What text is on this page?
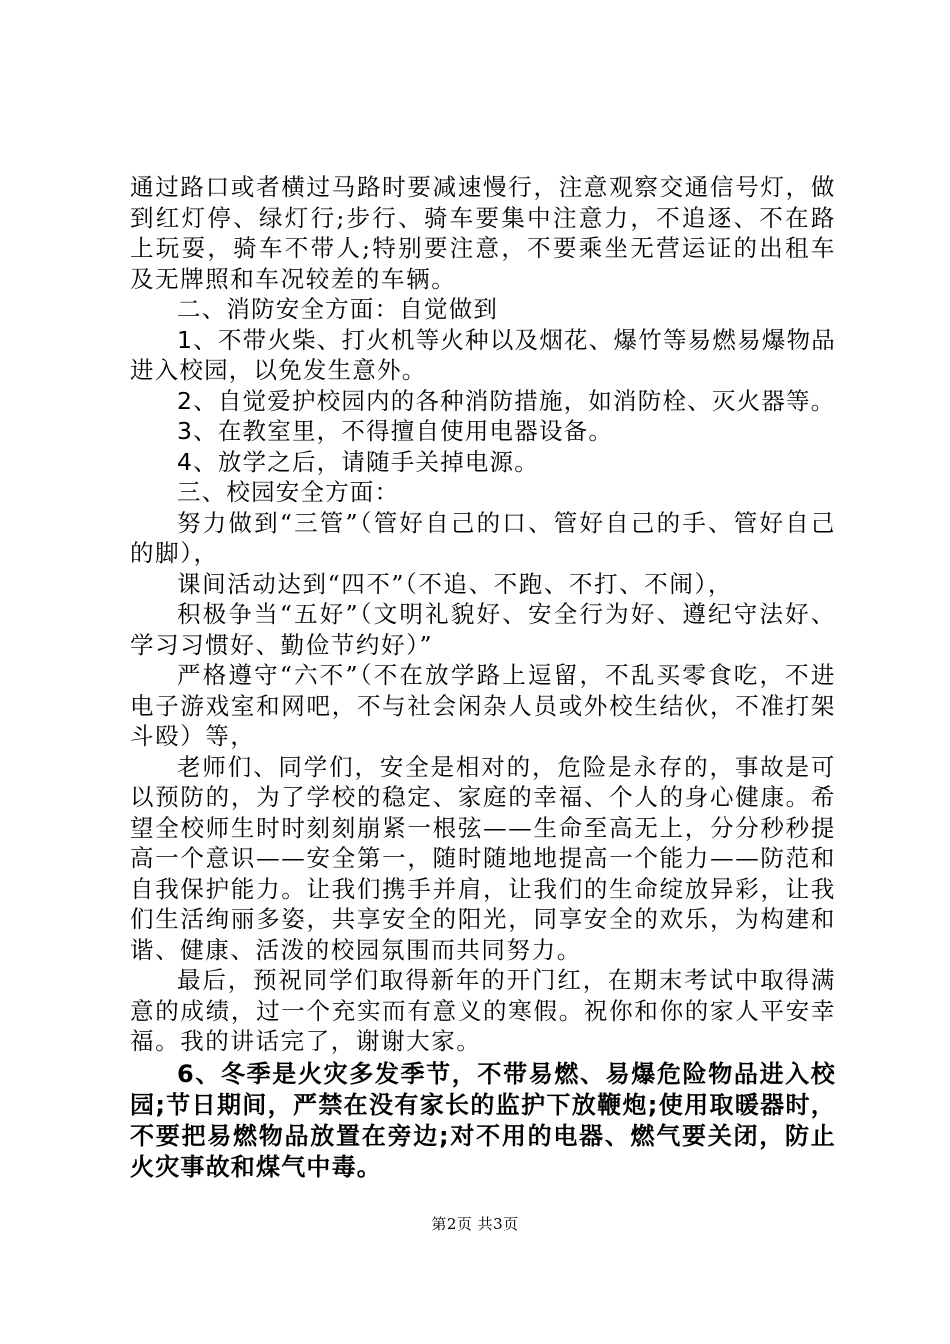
通过路口或者横过马路时要减速慢行，注意观察交通信号灯，做到红灯停、绿灯行;步行、骑车要集中注意力，不追逐、不在路上玩耍，骑车不带人;特别要注意，不要乘坐无营运证的出租车及无牌照和车况较差的车辆。

二、消防安全方面：自觉做到

1、不带火柴、打火机等火种以及烟花、爆竹等易燃易爆物品进入校园，以免发生意外。

2、自觉爱护校园内的各种消防措施，如消防栓、灭火器等。

3、在教室里，不得擅自使用电器设备。

4、放学之后，请随手关掉电源。

三、校园安全方面：

努力做到“三管”（管好自己的口、管好自己的手、管好自己的脚），

课间活动达到“四不”（不追、不跑、不打、不闹），

积极争当“五好”（文明礼貌好、安全行为好、遵纪守法好、学习习惯好、勤俭节约好）”

严格遵守“六不”（不在放学路上逗留，不乱买零食吃，不进电子游戏室和网吧，不与社会闲杂人员或外校生结伙，不准打架斗殴）等，

老师们、同学们，安全是相对的，危险是永存的，事故是可以预防的，为了学校的稳定、家庭的幸福、个人的身心健康。希望全校师生时时刻刻崩紧一根弦——生命至高无上，分分秒秒提高一个意识——安全第一，随时随地地提高一个能力——防范和自我保护能力。让我们携手并肩，让我们的生命绽放异彩，让我们生活绚丽多姿，共享安全的阳光，同享安全的欢乐，为构建和谐、健康、活泼的校园氛围而共同努力。

最后，预祝同学们取得新年的开门红，在期末考试中取得满意的成绩，过一个充实而有意义的寒假。祝你和你的家人平安幸福。我的讲话完了，谢谢大家。

6、冬季是火灾多发季节，不带易燃、易爆危险物品进入校园;节日期间，严禁在没有家长的监护下放鞭炮;使用取暖器时，不要把易燃物品放置在旁边;对不用的电器、燃气要关闭，防止火灾事故和煤气中毒。

第2页 共3页
